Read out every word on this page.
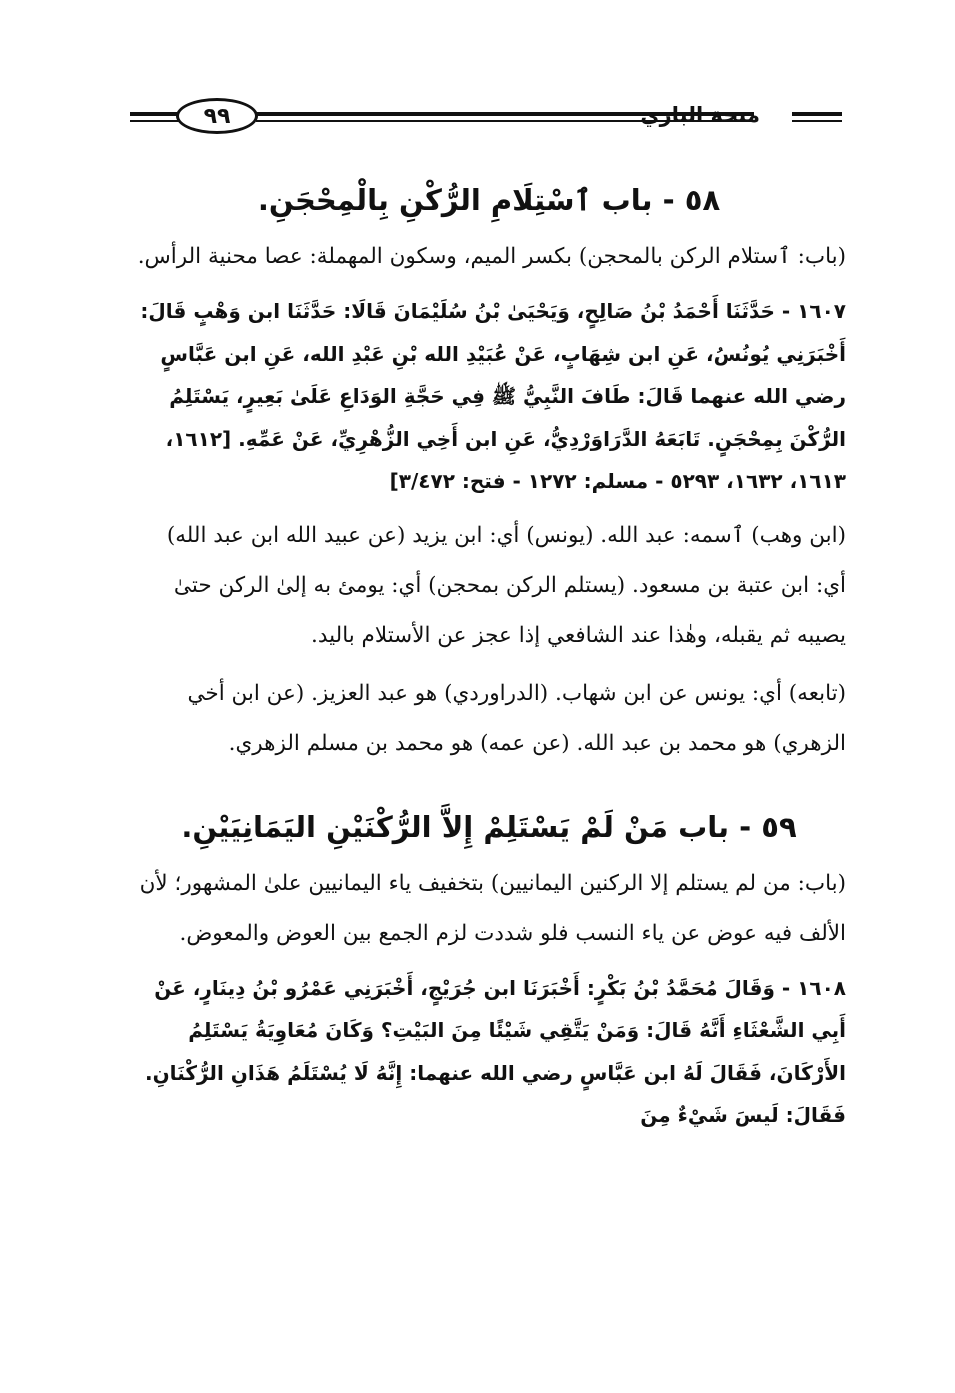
٩٩	منحة الباري
٥٨ - باب ٱسْتِلَامِ الرُّكْنِ بِالْمِحْجَنِ.

(باب: ٱستلام الركن بالمحجن) بكسر الميم، وسكون المهملة: عصا محنية الرأس.

١٦٠٧ - حَدَّثَنَا أَحْمَدُ بْنُ صَالِحٍ، وَيَحْيَىٰ بْنُ سُلَيْمَانَ قَالَا: حَدَّثَنَا ابن وَهْبٍ قَالَ: أَخْبَرَنِي يُونُسُ، عَنِ ابن شِهَابٍ، عَنْ عُبَيْدِ الله بْنِ عَبْدِ الله، عَنِ ابن عَبَّاسٍ رضي الله عنهما قَالَ: طَافَ النَّبِيُّ ﷺ فِي حَجَّةِ الوَدَاعِ عَلَىٰ بَعِيرٍ، يَسْتَلِمُ الرُّكْنَ بِمِحْجَنٍ. تَابَعَهُ الدَّرَاوَرْدِيُّ، عَنِ ابن أَخِي الزُّهْرِيِّ، عَنْ عَمِّهِ. [١٦١٢، ١٦١٣، ١٦٣٢، ٥٢٩٣ - مسلم: ١٢٧٢ - فتح: ٣/٤٧٢]

(ابن وهب) ٱسمه: عبد الله. (يونس) أي: ابن يزيد (عن عبيد الله ابن عبد الله) أي: ابن عتبة بن مسعود. (يستلم الركن بمحجن) أي: يومئ به إلىٰ الركن حتىٰ يصيبه ثم يقبله، وهٰذا عند الشافعي إذا عجز عن الأستلام باليد.

(تابعه) أي: يونس عن ابن شهاب. (الدراوردي) هو عبد العزيز. (عن ابن أخي الزهري) هو محمد بن عبد الله. (عن عمه) هو محمد بن مسلم الزهري.

٥٩ - باب مَنْ لَمْ يَسْتَلِمْ إِلاَّ الرُّكْنَيْنِ اليَمَانِيَيْنِ.

(باب: من لم يستلم إلا الركنين اليمانيين) بتخفيف ياء اليمانيين علىٰ المشهور؛ لأن الألف فيه عوض عن ياء النسب فلو شددت لزم الجمع بين العوض والمعوض.

١٦٠٨ - وَقَالَ مُحَمَّدُ بْنُ بَكْرٍ: أَخْبَرَنَا ابن جُرَيْجٍ، أَخْبَرَنِي عَمْرُو بْنُ دِينَارٍ، عَنْ أَبِي الشَّعْثَاءِ أَنَّهُ قَالَ: وَمَنْ يَتَّقِي شَيْئًا مِنَ البَيْتِ؟ وَكَانَ مُعَاوِيَةُ يَسْتَلِمُ الأَرْكَانَ، فَقَالَ لَهُ ابن عَبَّاسٍ رضي الله عنهما: إِنَّهُ لَا يُسْتَلَمُ هَذَانِ الرُّكْنَانِ. فَقَالَ: لَيسَ شَيْءٌ مِنَ
